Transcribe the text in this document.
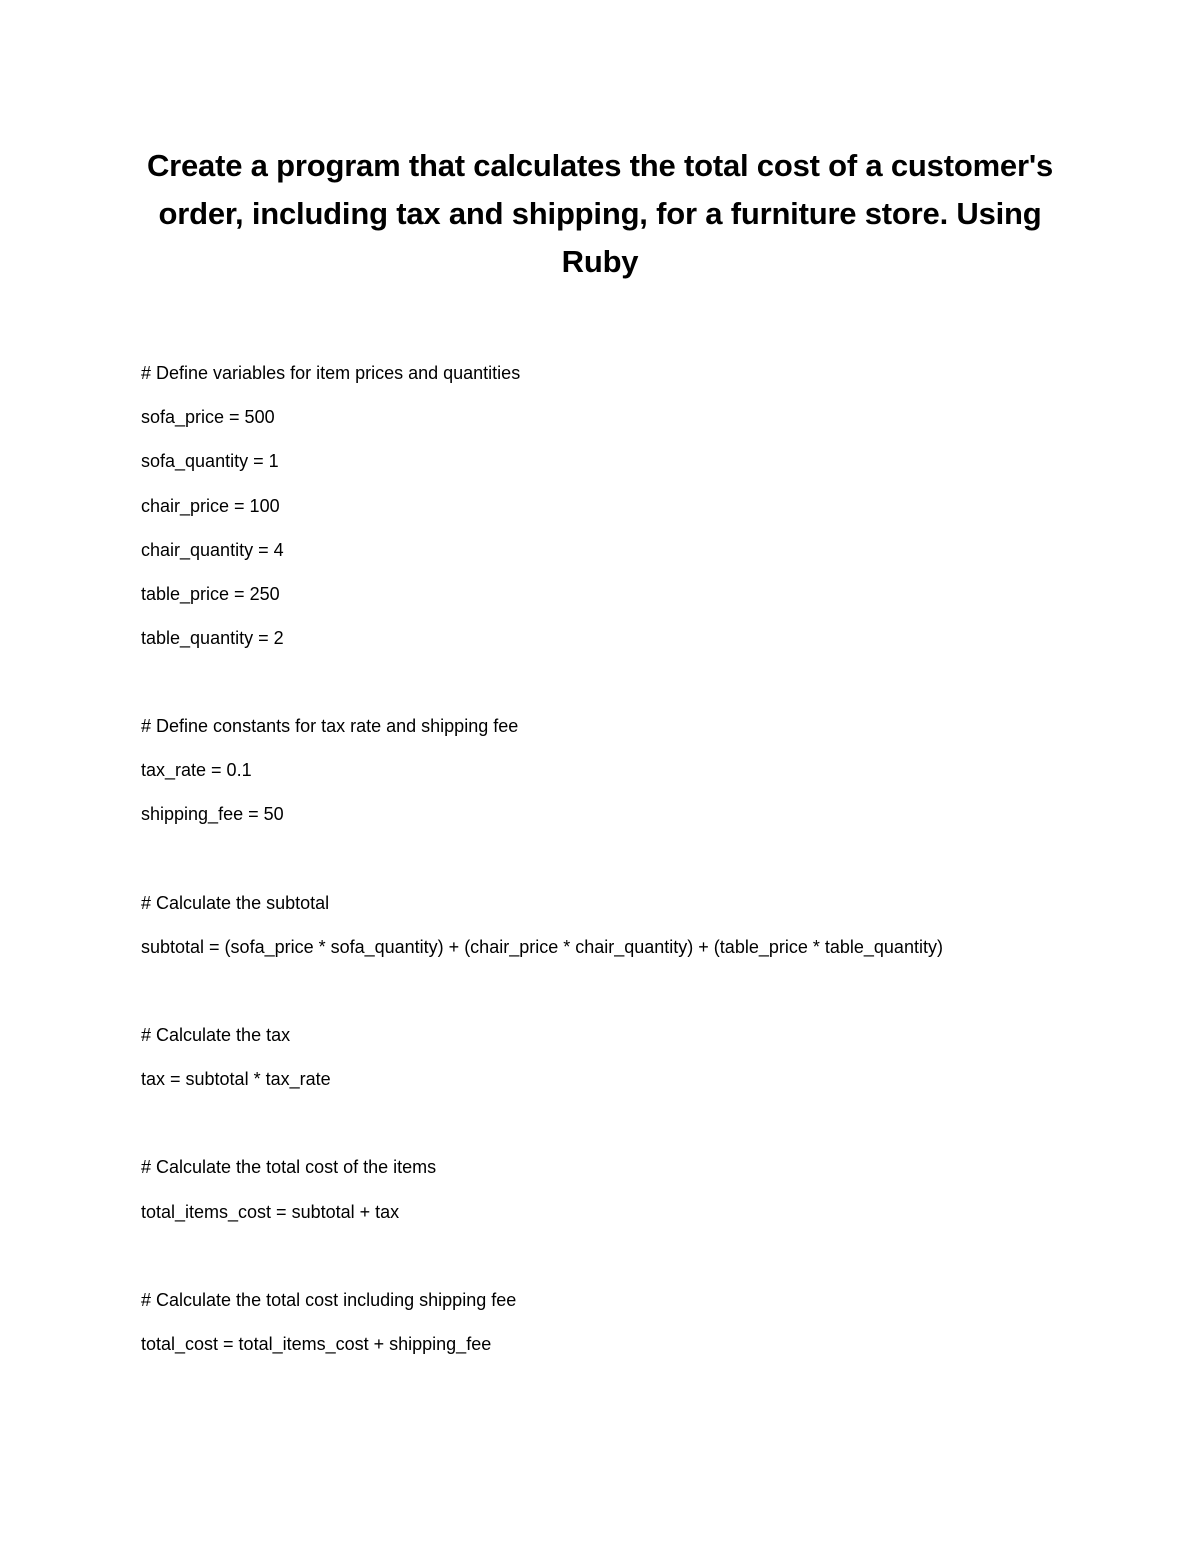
Create a program that calculates the total cost of a customer's order, including tax and shipping, for a furniture store. Using Ruby

# Define variables for item prices and quantities

sofa_price = 500

sofa_quantity = 1

chair_price = 100

chair_quantity = 4

table_price = 250

table_quantity = 2

# Define constants for tax rate and shipping fee

tax_rate = 0.1

shipping_fee = 50

# Calculate the subtotal

subtotal = (sofa_price * sofa_quantity) + (chair_price * chair_quantity) + (table_price * table_quantity)

# Calculate the tax

tax = subtotal * tax_rate

# Calculate the total cost of the items

total_items_cost = subtotal + tax

# Calculate the total cost including shipping fee

total_cost = total_items_cost + shipping_fee
